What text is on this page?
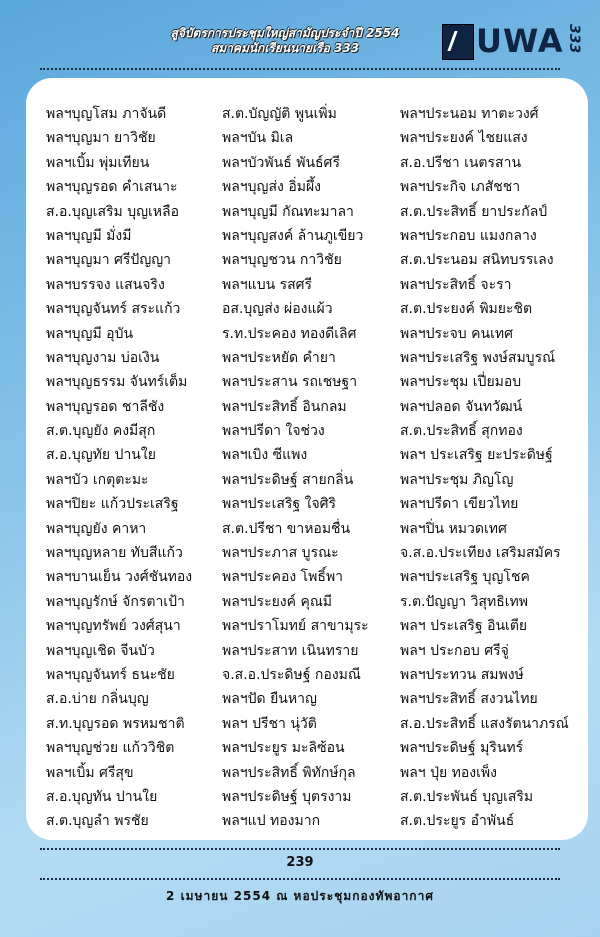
สูจิบัตรการประชุมใหญ่สามัญประจำปี 2554
สมาคมนักเรียนนายเรือ 333	UWA 333
พลฯบุญโสม ภาจันดี
พลฯบุญมา ยาวิชัย
พลฯเบิ้ม พุ่มเทียน
พลฯบุญรอด คำเสนาะ
ส.อ.บุญเสริม บุญเหลือ
พลฯบุญมี มั่งมี
พลฯบุญมา ศรีปัญญา
พลฯบรรจง แสนจริง
พลฯบุญจันทร์ สระแก้ว
พลฯบุญมี อุบัน
พลฯบุญงาม บ่อเงิน
พลฯบุญธรรม จันทร์เต็ม
พลฯบุญรอด ชาลีชัง
ส.ต.บุญยัง คงมีสุก
ส.อ.บุญทัย ปานใย
พลฯบัว เกตุตะมะ
พลฯปิยะ แก้วประเสริฐ
พลฯบุญยัง คาหา
พลฯบุญหลาย ทับสีแก้ว
พลฯบานเย็น วงศ์ชันทอง
พลฯบุญรักษ์ จักรตาเป้า
พลฯบุญทรัพย์ วงศ์สุนา
พลฯบุญเชิด จีนบัว
พลฯบุญจันทร์ ธนะชัย
ส.อ.บ่าย กลิ่นบุญ
ส.ท.บุญรอด พรหมชาติ
พลฯบุญช่วย แก้ววิชิต
พลฯเบิ้ม ศรีสุข
ส.อ.บุญทัน ปานใย
ส.ต.บุญลำ พรชัย
ส.ต.บัญญัติ พูนเพิ่ม
พลฯบัน มิเล
พลฯบัวพันธ์ พันธ์ศรี
พลฯบุญส่ง อิ่มผึ้ง
พลฯบุญมี กัณทะมาลา
พลฯบุญสงค์ ล้านภูเขียว
พลฯบุญชวน กาวิชัย
พลฯแบน รสศรี
อส.บุญส่ง ผ่องแผ้ว
ร.ท.ประคอง ทองดีเลิศ
พลฯประหยัด คำยา
พลฯประสาน รถเชษฐา
พลฯประสิทธิ์ อินกลม
พลฯปรีดา ใจช่วง
พลฯเบิง ซีแพง
พลฯประดิษฐ์ สายกลิ่น
พลฯประเสริฐ ใจศิริ
ส.ต.ปรีชา ขาหอมชื่น
พลฯประภาส บูรณะ
พลฯประคอง โพธิ์พา
พลฯประยงค์ คุณมี
พลฯปราโมทย์ สาขามุระ
พลฯประสาท เนินทราย
จ.ส.อ.ประดิษฐ์ กองมณี
พลฯปัด ยืนหาญ
พลฯ ปรีชา นุ่วัติ
พลฯประยูร มะลิซ้อน
พลฯประสิทธิ์ พิทักษ์กุล
พลฯประดิษฐ์ บุตรงาม
พลฯแป ทองมาก
พลฯประนอม ทาตะวงศ์
พลฯประยงค์ ไชยแสง
ส.อ.ปรีชา เนตรสาน
พลฯประกิจ เภสัชชา
ส.ต.ประสิทธิ์ ยาประกัลป์
พลฯประกอบ แมงกลาง
ส.ต.ประนอม สนิทบรรเลง
พลฯประสิทธิ์ จะรา
ส.ต.ประยงค์ พิมยะชิต
พลฯประจบ คนเทศ
พลฯประเสริฐ พงษ์สมบูรณ์
พลฯประชุม เปี่ยมอบ
พลฯปลอด จันทวัฒน์
ส.ต.ประสิทธิ์ สุกทอง
พลฯ ประเสริฐ ยะประดิษฐ์
พลฯประชุม ภิญโญ
พลฯปรีดา เขียวไทย
พลฯปิ่น หมวดเทศ
จ.ส.อ.ประเทียง เสริมสมัคร
พลฯประเสริฐ บุญโชค
ร.ต.ปัญญา วิสุทธิเทพ
พลฯ ประเสริฐ อินเตีย
พลฯ ประกอบ ศรีจู่
พลฯประทวน สมพงษ์
พลฯประสิทธิ์ สงวนไทย
ส.อ.ประสิทธิ์ แสงรัตนาภรณ์
พลฯประดิษฐ์ มุรินทร์
พลฯ ปุ่ย ทองเพ็ง
ส.ต.ประพันธ์ บุญเสริม
ส.ต.ประยูร อำพันธ์
239
2 เมษายน 2554 ณ หอประชุมกองทัพอากาศ
